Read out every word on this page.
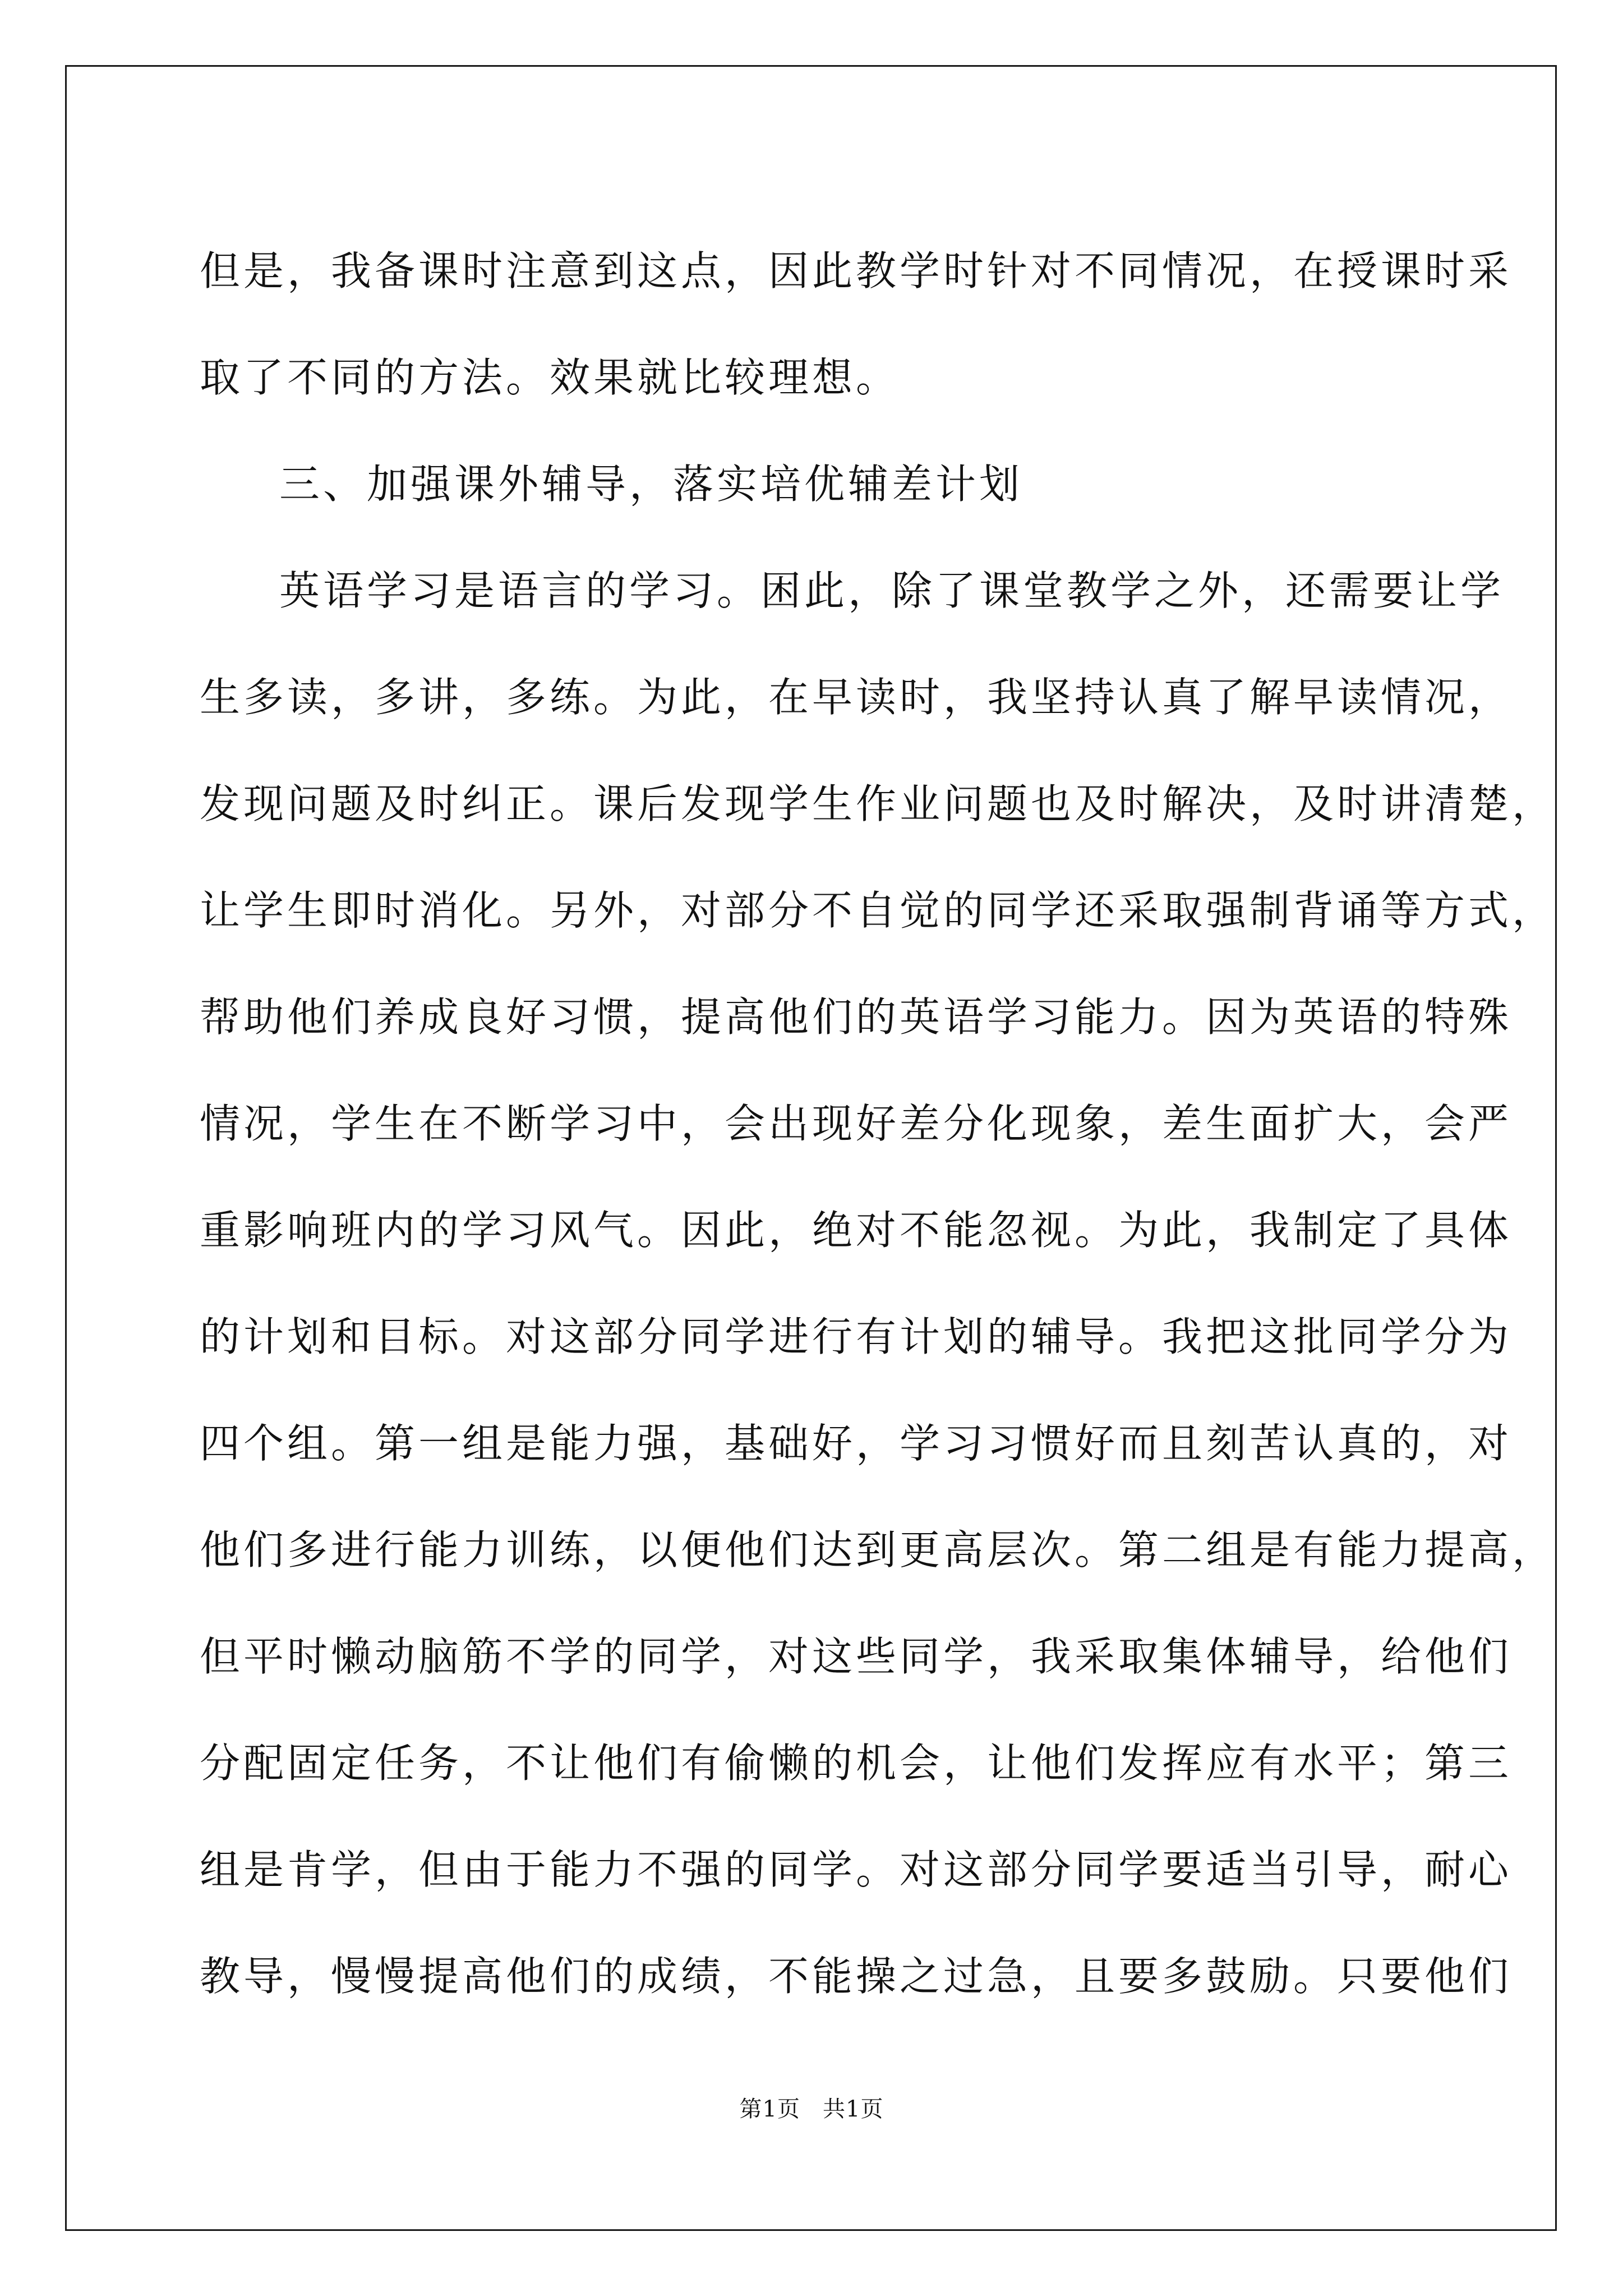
但是，我备课时注意到这点，因此教学时针对不同情况，在授课时采

取了不同的方法。效果就比较理想。

三、加强课外辅导，落实培优辅差计划

英语学习是语言的学习。困此，除了课堂教学之外，还需要让学

生多读，多讲，多练。为此，在早读时，我坚持认真了解早读情况，

发现问题及时纠正。课后发现学生作业问题也及时解决，及时讲清楚，

让学生即时消化。另外，对部分不自觉的同学还采取强制背诵等方式，

帮助他们养成良好习惯，提高他们的英语学习能力。因为英语的特殊

情况，学生在不断学习中，会出现好差分化现象，差生面扩大，会严

重影响班内的学习风气。因此，绝对不能忽视。为此，我制定了具体

的计划和目标。对这部分同学进行有计划的辅导。我把这批同学分为

四个组。第一组是能力强，基础好，学习习惯好而且刻苦认真的，对

他们多进行能力训练，以便他们达到更高层次。第二组是有能力提高，

但平时懒动脑筋不学的同学，对这些同学，我采取集体辅导，给他们

分配固定任务，不让他们有偷懒的机会，让他们发挥应有水平；第三

组是肯学，但由于能力不强的同学。对这部分同学要适当引导，耐心

教导，慢慢提高他们的成绩，不能操之过急，且要多鼓励。只要他们

第1页 共1页
